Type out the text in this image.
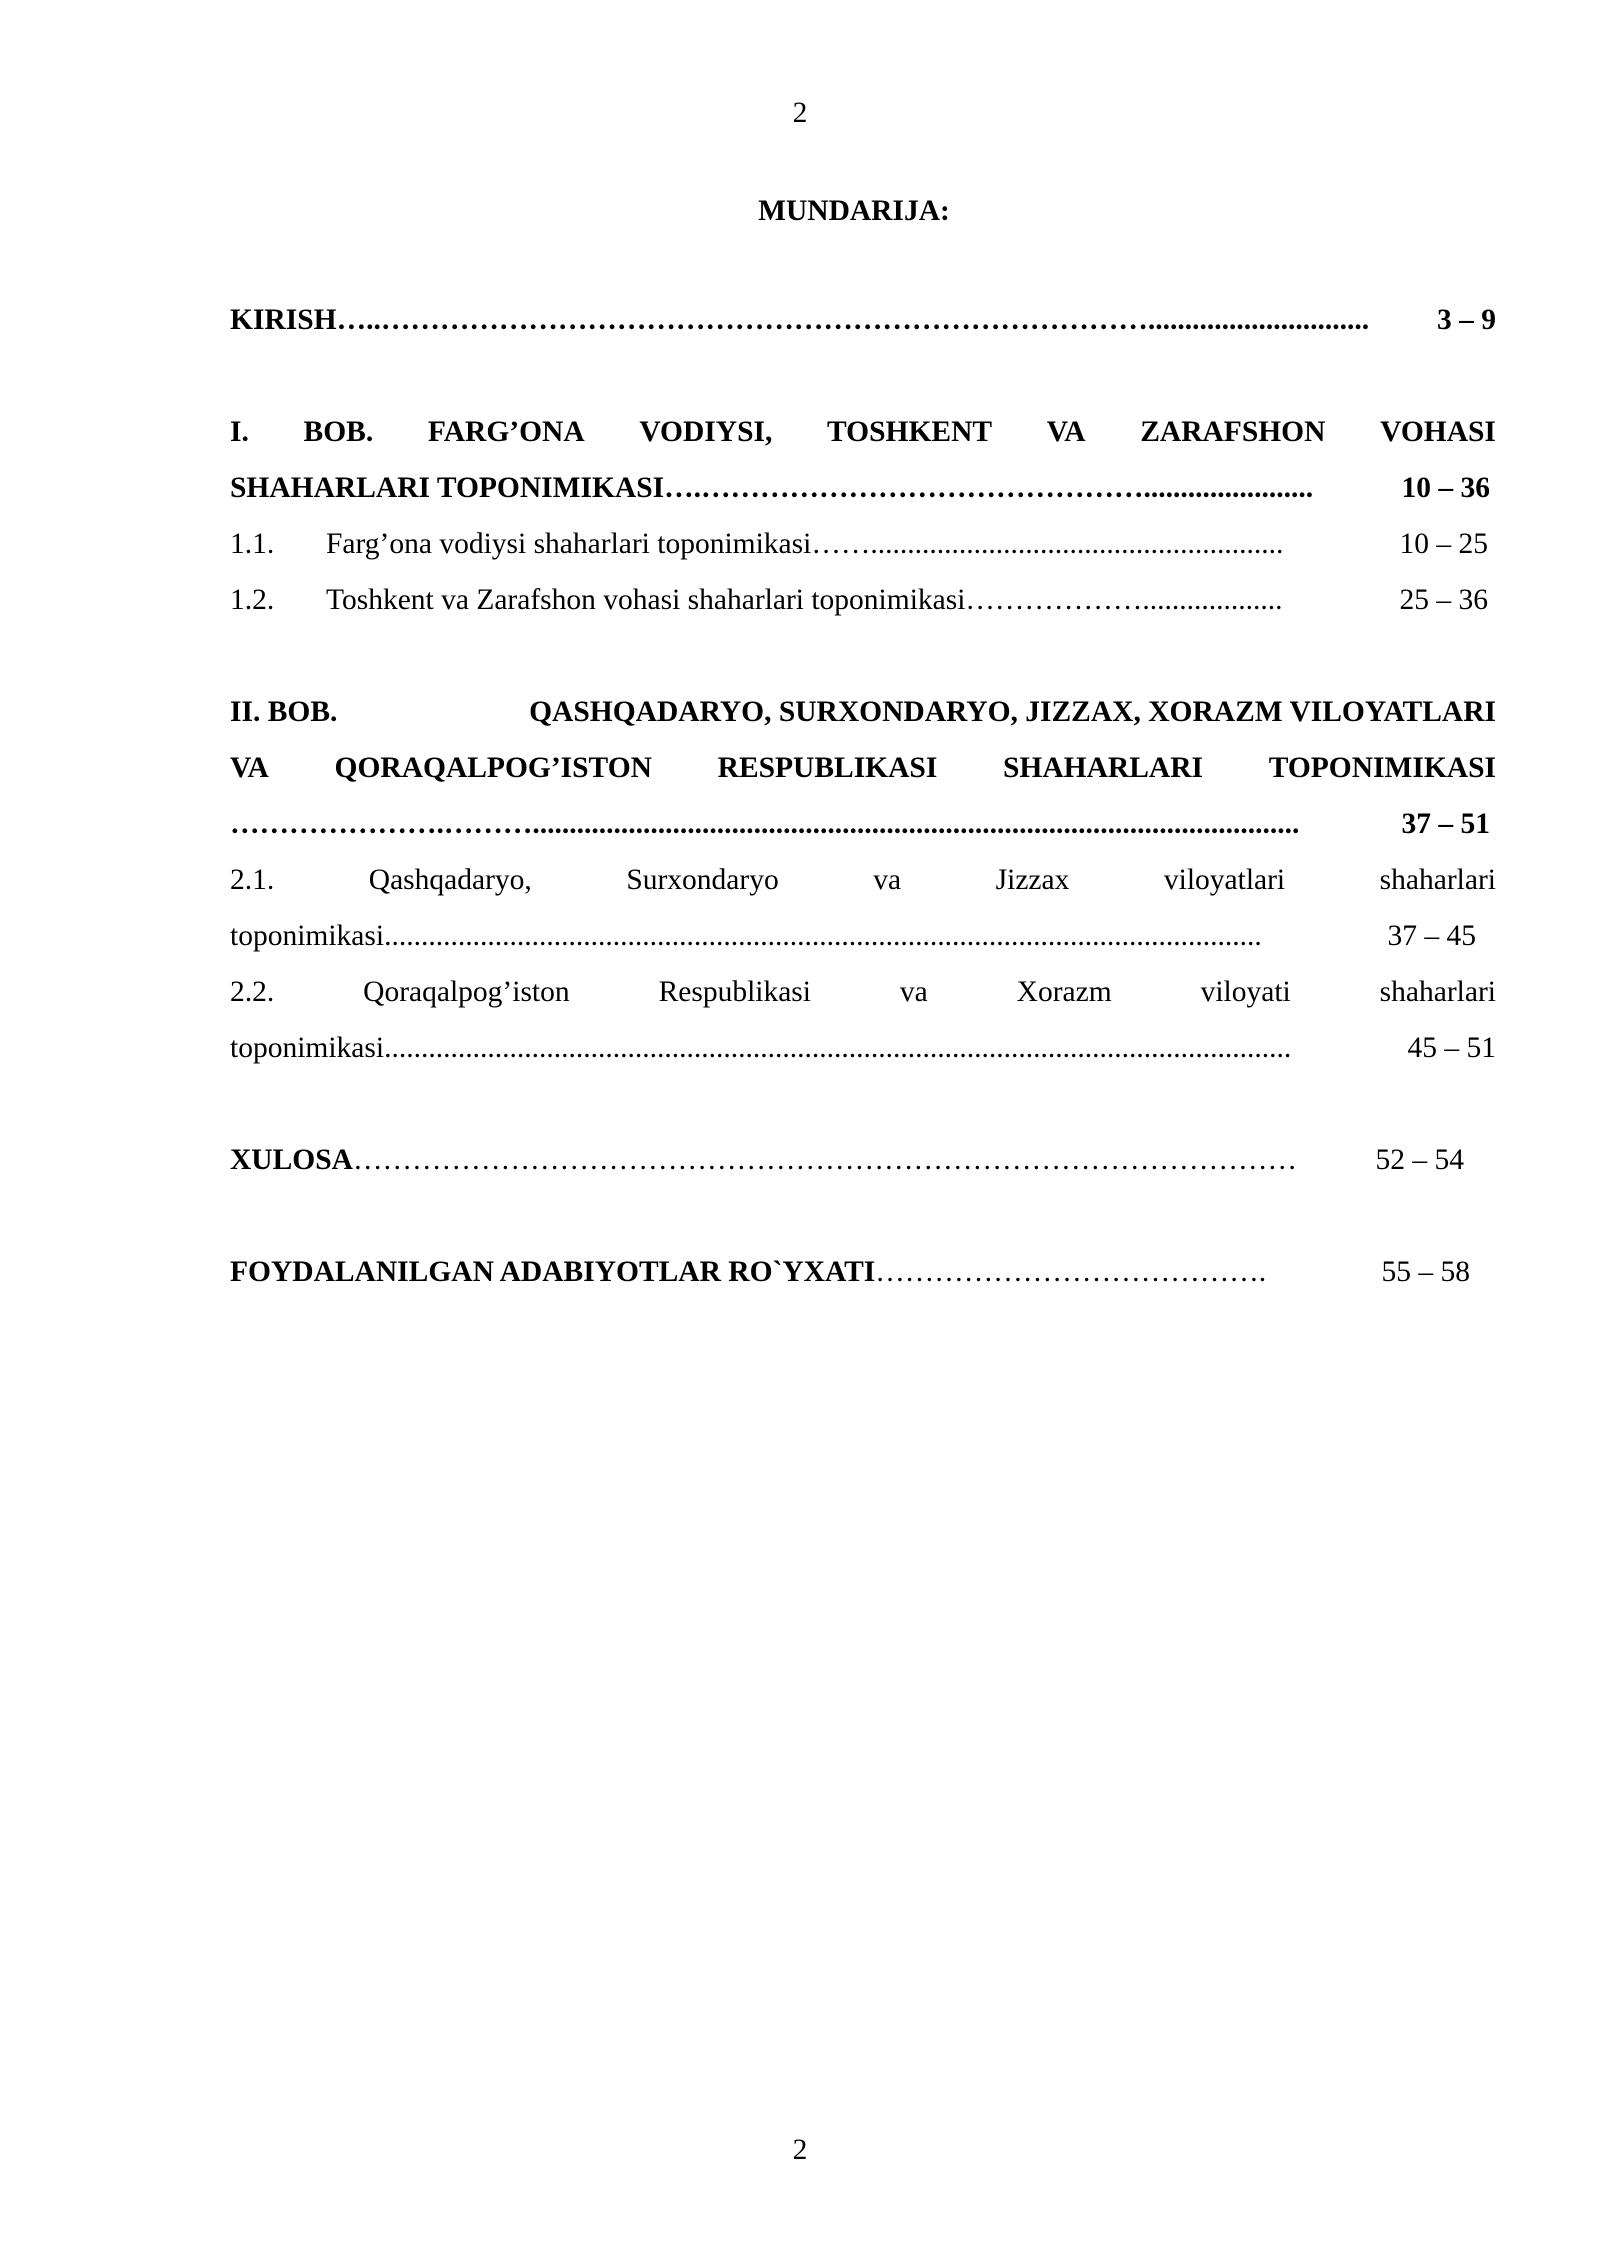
2
MUNDARIJA:
KIRISH …..……………………………………………………………………..............................	3 – 9
I. BOB. FARG’ONA VODIYSI, TOSHKENT VA ZARAFSHON VOHASI
SHAHARLARI TOPONIMIKASI ….……………………………………….......................	10 – 36
1.1.	Farg’ona vodiysi shaharlari toponimikasi ……........................................................	10 – 25
1.2.	Toshkent va Zarafshon vohasi shaharlari toponimikasi ………………...................	25 – 36
II. BOB.	QASHQADARYO, SURXONDARYO, JIZZAX, XORAZM VILOYATLARI
VA QORAQALPOG’ISTON RESPUBLIKASI SHAHARLARI TOPONIMIKASI
………………….………........................................................................................................	37 – 51
2.1.	Qashqadaryo,	Surxondaryo	va	Jizzax	viloyatlari	shaharlari
toponimikasi .......................................................................................................................	37 – 45
2.2.	Qoraqalpog’iston	Respublikasi	va	Xorazm	viloyati	shaharlari
toponimikasi ...........................................................................................................................	45 – 51
XULOSA ……………………………………………………………………………………	52 – 54
FOYDALANILGAN ADABIYOTLAR RO`YXATI ………………………………….	55 – 58
2
